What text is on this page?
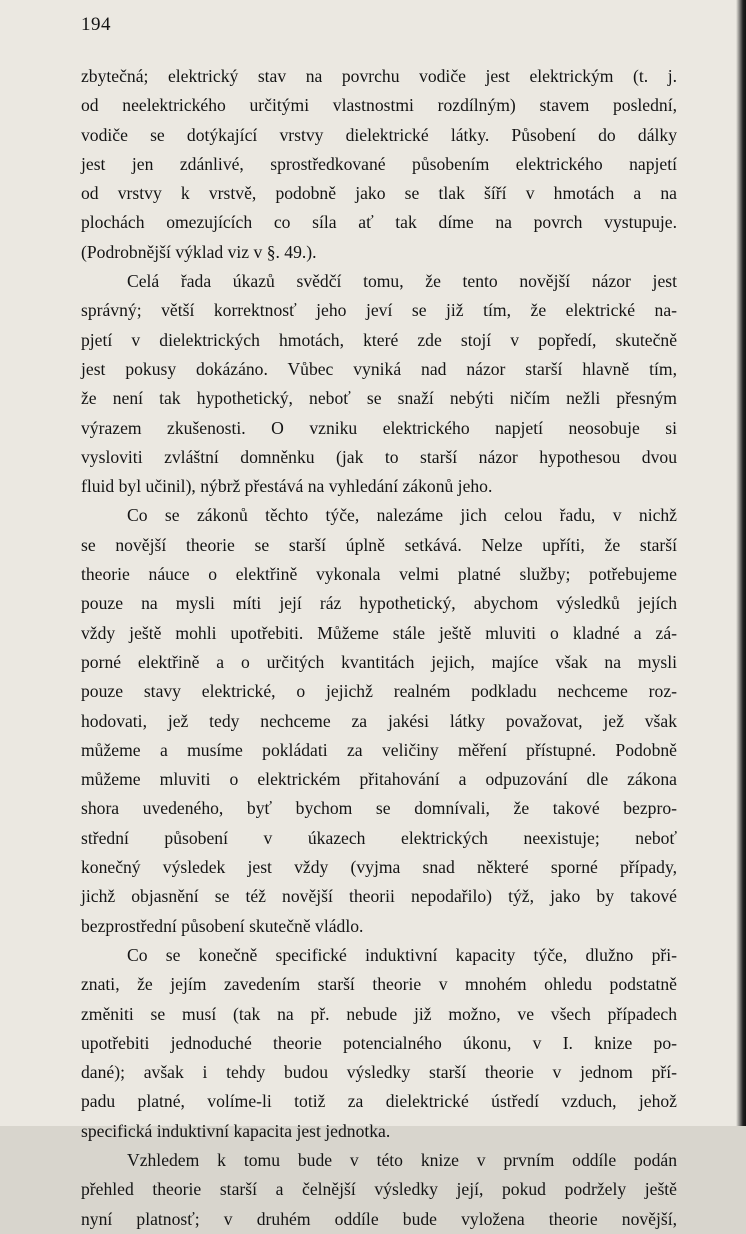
194
zbytečná; elektrický stav na povrchu vodiče jest elektrickým (t. j.
od neelektrického určitými vlastnostmi rozdílným) stavem poslední,
vodiče se dotýkající vrstvy dielektrické látky. Působení do dálky
jest jen zdánlivé, sprostředkované působením elektrického napjetí
od vrstvy k vrstvě, podobně jako se tlak šíří v hmotách a na
plochách omezujících co síla ať tak díme na povrch vystupuje.
(Podrobnější výklad viz v §. 49.).
Celá řada úkazů svědčí tomu, že tento novější názor jest
správný; větší korrektnosť jeho jeví se již tím, že elektrické na-
pjetí v dielektrických hmotách, které zde stojí v popředí, skutečně
jest pokusy dokázáno. Vůbec vyniká nad názor starší hlavně tím,
že není tak hypothetický, neboť se snaží nebýti ničím nežli přesným
výrazem zkušenosti. O vzniku elektrického napjetí neosobuje si
vysloviti zvláštní domněnku (jak to starší názor hypothesou dvou
fluid byl učinil), nýbrž přestává na vyhledání zákonů jeho.
Co se zákonů těchto týče, nalezáme jich celou řadu, v nichž
se novější theorie se starší úplně setkává. Nelze upříti, že starší
theorie náuce o elektřině vykonala velmi platné služby; potřebujeme
pouze na mysli míti její ráz hypothetický, abychom výsledků jejích
vždy ještě mohli upotřebiti. Můžeme stále ještě mluviti o kladné a zá-
porné elektřině a o určitých kvantitách jejich, majíce však na mysli
pouze stavy elektrické, o jejichž realném podkladu nechceme roz-
hodovati, jež tedy nechceme za jakési látky považovat, jež však
můžeme a musíme pokládati za veličiny měření přístupné. Podobně
můžeme mluviti o elektrickém přitahování a odpuzování dle zákona
shora uvedeného, byť bychom se domnívali, že takové bezpro-
střední působení v úkazech elektrických neexistuje; neboť
konečný výsledek jest vždy (vyjma snad některé sporné případy,
jichž objasnění se též novější theorii nepodařilo) týž, jako by takové
bezprostřední působení skutečně vládlo.
Co se konečně specifické induktivní kapacity týče, dlužno při-
znati, že jejím zavedením starší theorie v mnohém ohledu podstatně
změniti se musí (tak na př. nebude již možno, ve všech případech
upotřebiti jednoduché theorie potencialného úkonu, v I. knize po-
dané); avšak i tehdy budou výsledky starší theorie v jednom pří-
padu platné, volíme-li totiž za dielektrické ústředí vzduch, jehož
specifická induktivní kapacita jest jednotka.
Vzhledem k tomu bude v této knize v prvním oddíle podán
přehled theorie starší a čelnější výsledky její, pokud podržely ještě
nyní platnosť; v druhém oddíle bude vyložena theorie novější,
